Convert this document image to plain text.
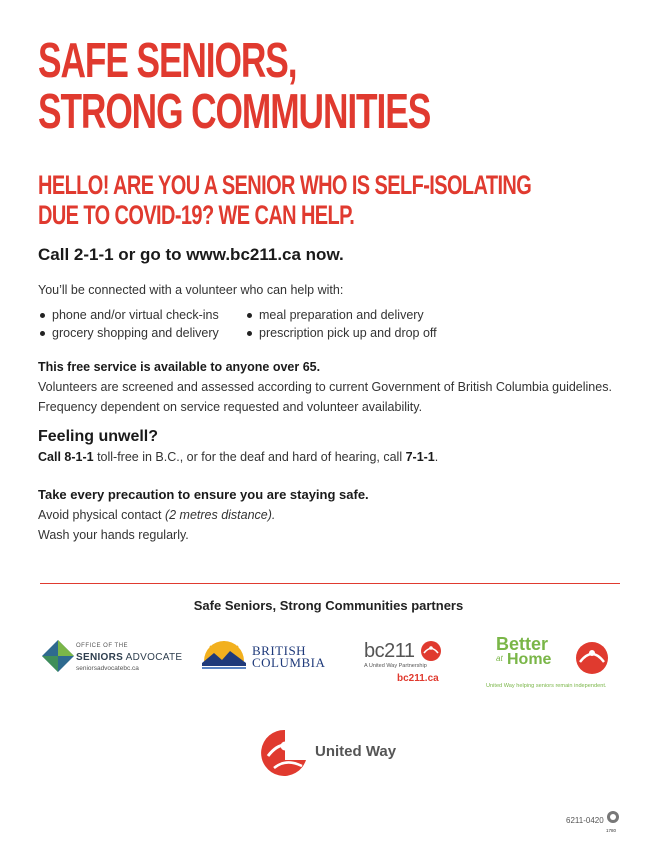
SAFE SENIORS,
STRONG COMMUNITIES
HELLO! ARE YOU A SENIOR WHO IS SELF-ISOLATING
DUE TO COVID-19? WE CAN HELP.
Call 2-1-1 or go to www.bc211.ca now.
You’ll be connected with a volunteer who can help with:
phone and/or virtual check-ins
grocery shopping and delivery
meal preparation and delivery
prescription pick up and drop off
This free service is available to anyone over 65.
Volunteers are screened and assessed according to current Government of British Columbia guidelines.
Frequency dependent on service requested and volunteer availability.
Feeling unwell?
Call 8-1-1 toll-free in B.C., or for the deaf and hard of hearing, call 7-1-1.
Take every precaution to ensure you are staying safe.
Avoid physical contact (2 metres distance).
Wash your hands regularly.
Safe Seniors, Strong Communities partners
OFFICE OF THE
SENIORS ADVOCATE
seniorsadvocatebc.ca
BRITISH
COLUMBIA
bc211
A United Way Partnership
bc211.ca
Better
at Home
United Way helping seniors remain independent.
United Way
6211-0420
1780
